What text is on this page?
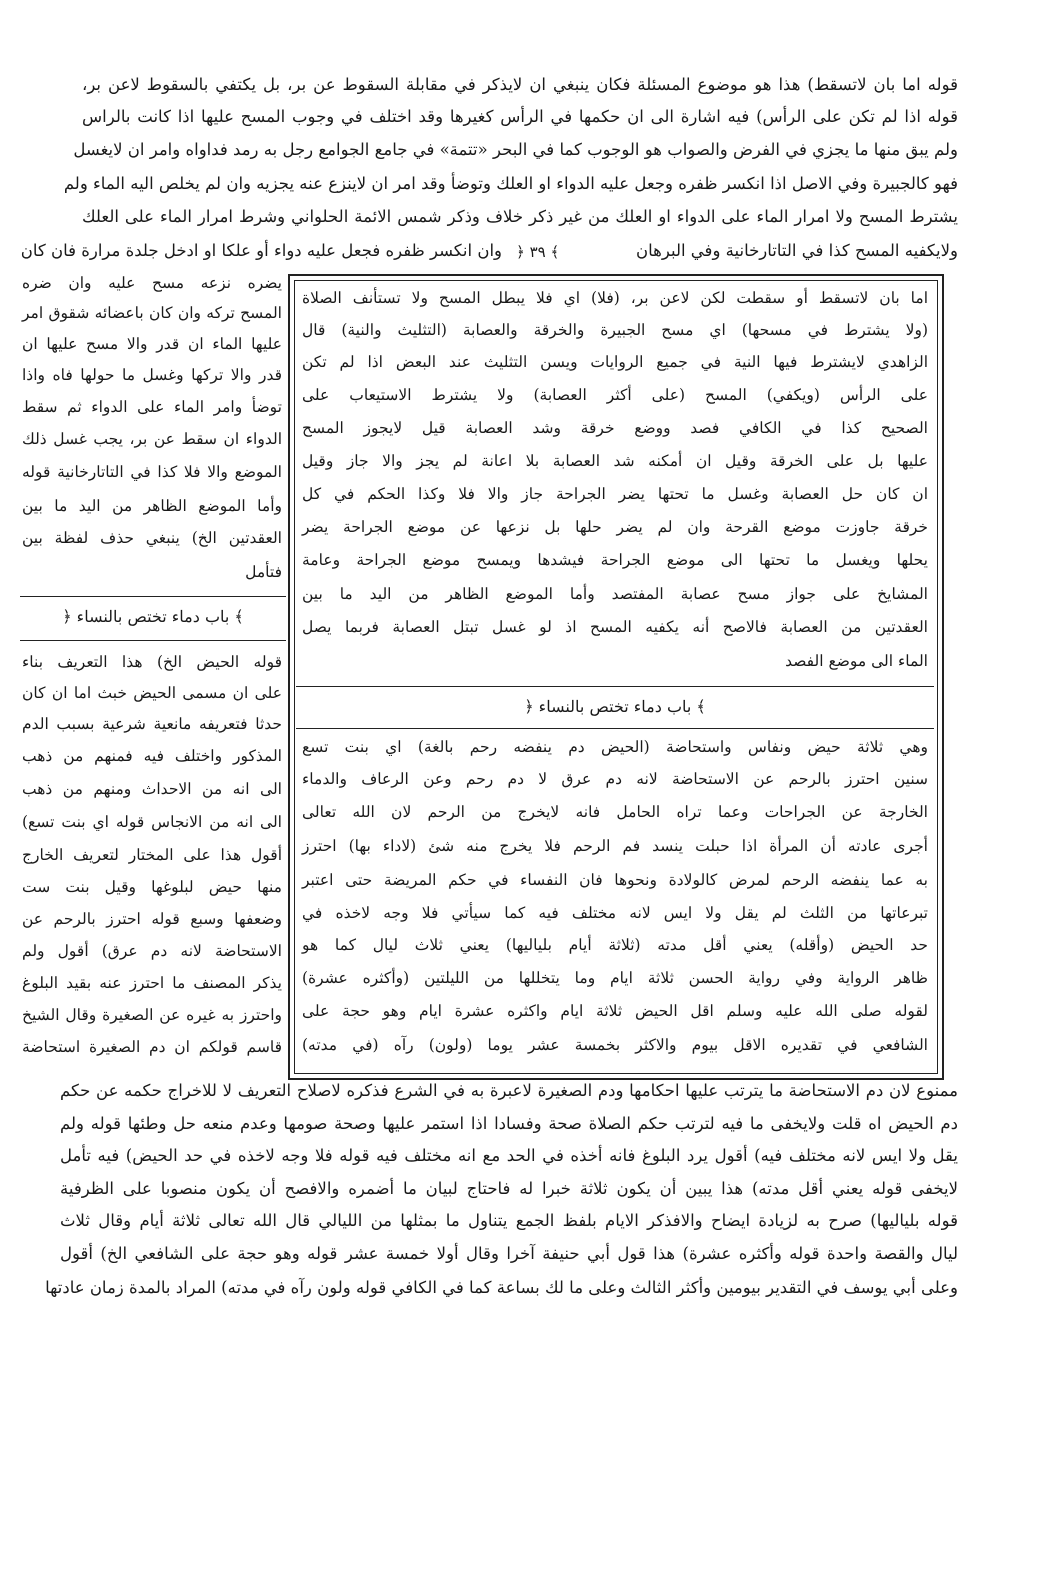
قوله اما بان لاتسقط) هذا هو موضوع المسئلة فكان ينبغي ان لايذكر في مقابلة السقوط عن بر، بل يكتفي بالسقوط لاعن بر،
قوله اذا لم تكن على الرأس) فيه اشارة الى ان حكمها في الرأس كغيرها وقد اختلف في وجوب المسح عليها اذا كانت بالراس
ولم يبق منها ما يجزي في الفرض والصواب هو الوجوب كما في البحر «تتمة» في جامع الجوامع رجل به رمد فداواه وامر ان لايغسل
فهو كالجبيرة وفي الاصل اذا انكسر ظفره وجعل عليه الدواء او العلك وتوضأ وقد امر ان لاينزع عنه يجزيه وان لم يخلص اليه الماء ولم
يشترط المسح ولا امرار الماء على الدواء او العلك من غير ذكر خلاف وذكر شمس الائمة الحلواني وشرط امرار الماء على العلك
ولايكفيه المسح كذا في التاتارخانية وفي البرهان
﴾ ٣٩ ﴿
وان انكسر ظفره فجعل عليه دواء أو علكا او ادخل جلدة مرارة فان كان
يضره نزعه مسح عليه وان ضره
المسح تركه وان كان باعضائه شقوق امر
عليها الماء ان قدر والا مسح عليها ان
قدر والا تركها وغسل ما حولها فاه واذا
توضأ وامر الماء على الدواء ثم سقط
الدواء ان سقط عن بر، يجب غسل ذلك
الموضع والا فلا كذا في التاتارخانية قوله
وأما الموضع الظاهر من اليد ما بين
العقدتين الخ) ينبغي حذف لفظة بين
فتأمل
﴾ باب دماء تختص بالنساء ﴿
قوله الحيض الخ) هذا التعريف بناء
على ان مسمى الحيض خبث اما ان كان
حدثا فتعريفه مانعية شرعية بسبب الدم
المذكور واختلف فيه فمنهم من ذهب
الى انه من الاحداث ومنهم من ذهب
الى انه من الانجاس قوله اي بنت تسع)
أقول هذا على المختار لتعريف الخارج
منها حيض لبلوغها وقيل بنت ست
وضعفها وسبع قوله احترز بالرحم عن
الاستحاضة لانه دم عرق) أقول ولم
يذكر المصنف ما احترز عنه بقيد البلوغ
واحترز به غيره عن الصغيرة وقال الشيخ
قاسم قولكم ان دم الصغيرة استحاضة
اما بان لاتسقط أو سقطت لكن لاعن بر، (فلا) اي فلا يبطل المسح ولا تستأنف الصلاة
(ولا يشترط في مسحها) اي مسح الجبيرة والخرقة والعصابة (التثليث والنية) قال
الزاهدي لايشترط فيها النية في جميع الروايات ويسن التثليث عند البعض اذا لم تكن
على الرأس (ويكفي) المسح (على أكثر العصابة) ولا يشترط الاستيعاب على
الصحيح كذا في الكافي فصد ووضع خرقة وشد العصابة قيل لايجوز المسح
عليها بل على الخرقة وقيل ان أمكنه شد العصابة بلا اعانة لم يجز والا جاز وقيل
ان كان حل العصابة وغسل ما تحتها يضر الجراحة جاز والا فلا وكذا الحكم في كل
خرقة جاوزت موضع القرحة وان لم يضر حلها بل نزعها عن موضع الجراحة يضر
يحلها ويغسل ما تحتها الى موضع الجراحة فيشدها ويمسح موضع الجراحة وعامة
المشايخ على جواز مسح عصابة المفتصد وأما الموضع الظاهر من اليد ما بين
العقدتين من العصابة فالاصح أنه يكفيه المسح اذ لو غسل تبتل العصابة فربما يصل
الماء الى موضع الفصد
﴾ باب دماء تختص بالنساء ﴿
وهي ثلاثة حيض ونفاس واستحاضة (الحيض دم ينفضه رحم بالغة) اي بنت تسع
سنين احترز بالرحم عن الاستحاضة لانه دم عرق لا دم رحم وعن الرعاف والدماء
الخارجة عن الجراحات وعما تراه الحامل فانه لايخرج من الرحم لان الله تعالى
أجرى عادته أن المرأة اذا حبلت ينسد فم الرحم فلا يخرج منه شئ (لاداء بها) احترز
به عما ينفضه الرحم لمرض كالولادة ونحوها فان النفساء في حكم المريضة حتى اعتبر
تبرعاتها من الثلث لم يقل ولا ايس لانه مختلف فيه كما سيأتي فلا وجه لاخذه في
حد الحيض (وأقله) يعني أقل مدته (ثلاثة أيام بلياليها) يعني ثلاث ليال كما هو
ظاهر الرواية وفي رواية الحسن ثلاثة ايام وما يتخللها من الليلتين (وأكثره عشرة)
لقوله صلى الله عليه وسلم اقل الحيض ثلاثة ايام واكثره عشرة ايام وهو حجة على
الشافعي في تقديره الاقل بيوم والاكثر بخمسة عشر يوما (ولون) رآه (في مدته)
ممنوع لان دم الاستحاضة ما يترتب عليها احكامها ودم الصغيرة لاعبرة به في الشرع فذكره لاصلاح التعريف لا للاخراج حكمه عن حكم
دم الحيض اه قلت ولايخفى ما فيه لترتب حكم الصلاة صحة وفسادا اذا استمر عليها وصحة صومها وعدم منعه حل وطئها قوله ولم
يقل ولا ايس لانه مختلف فيه) أقول يرد البلوغ فانه أخذه في الحد مع انه مختلف فيه قوله فلا وجه لاخذه في حد الحيض) فيه تأمل
لايخفى قوله يعني أقل مدته) هذا يبين أن يكون ثلاثة خبرا له فاحتاج لبيان ما أضمره والافصح أن يكون منصوبا على الظرفية
قوله بلياليها) صرح به لزيادة ايضاح والافذكر الايام بلفظ الجمع يتناول ما بمثلها من الليالي قال الله تعالى ثلاثة أيام وقال ثلاث
ليال والقصة واحدة قوله وأكثره عشرة) هذا قول أبي حنيفة آخرا وقال أولا خمسة عشر قوله وهو حجة على الشافعي الخ) أقول
وعلى أبي يوسف في التقدير بيومين وأكثر الثالث وعلى ما لك بساعة كما في الكافي قوله ولون رآه في مدته) المراد بالمدة زمان عادتها
